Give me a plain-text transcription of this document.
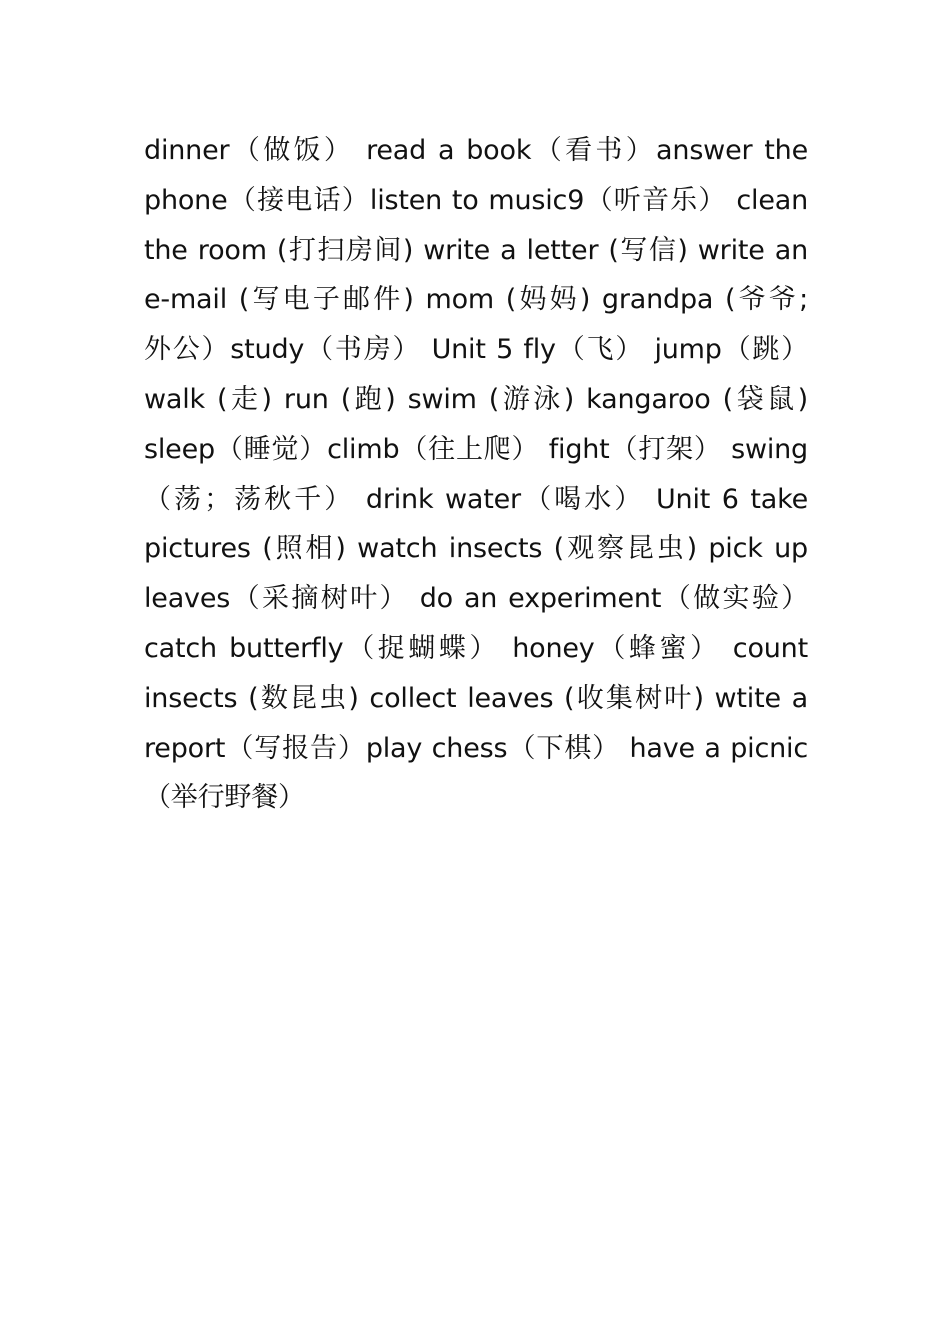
dinner（做饭） read a book（看书）answer the
phone（接电话）listen to music9（听音乐） clean
the room (打扫房间) write a letter (写信) write an
e-mail (写电子邮件) mom (妈妈) grandpa (爷爷;
外公）study（书房） Unit 5 fly（飞） jump（跳）
walk (走) run (跑) swim (游泳) kangaroo (袋鼠)
sleep（睡觉）climb（往上爬） fight（打架） swing
（荡；荡秋千） drink water（喝水） Unit 6 take
pictures (照相) watch insects (观察昆虫) pick up
leaves（采摘树叶） do an experiment（做实验）
catch butterfly（捉蝴蝶） honey（蜂蜜） count
insects (数昆虫) collect leaves (收集树叶) wtite a
report（写报告）play chess（下棋） have a picnic
（举行野餐）
